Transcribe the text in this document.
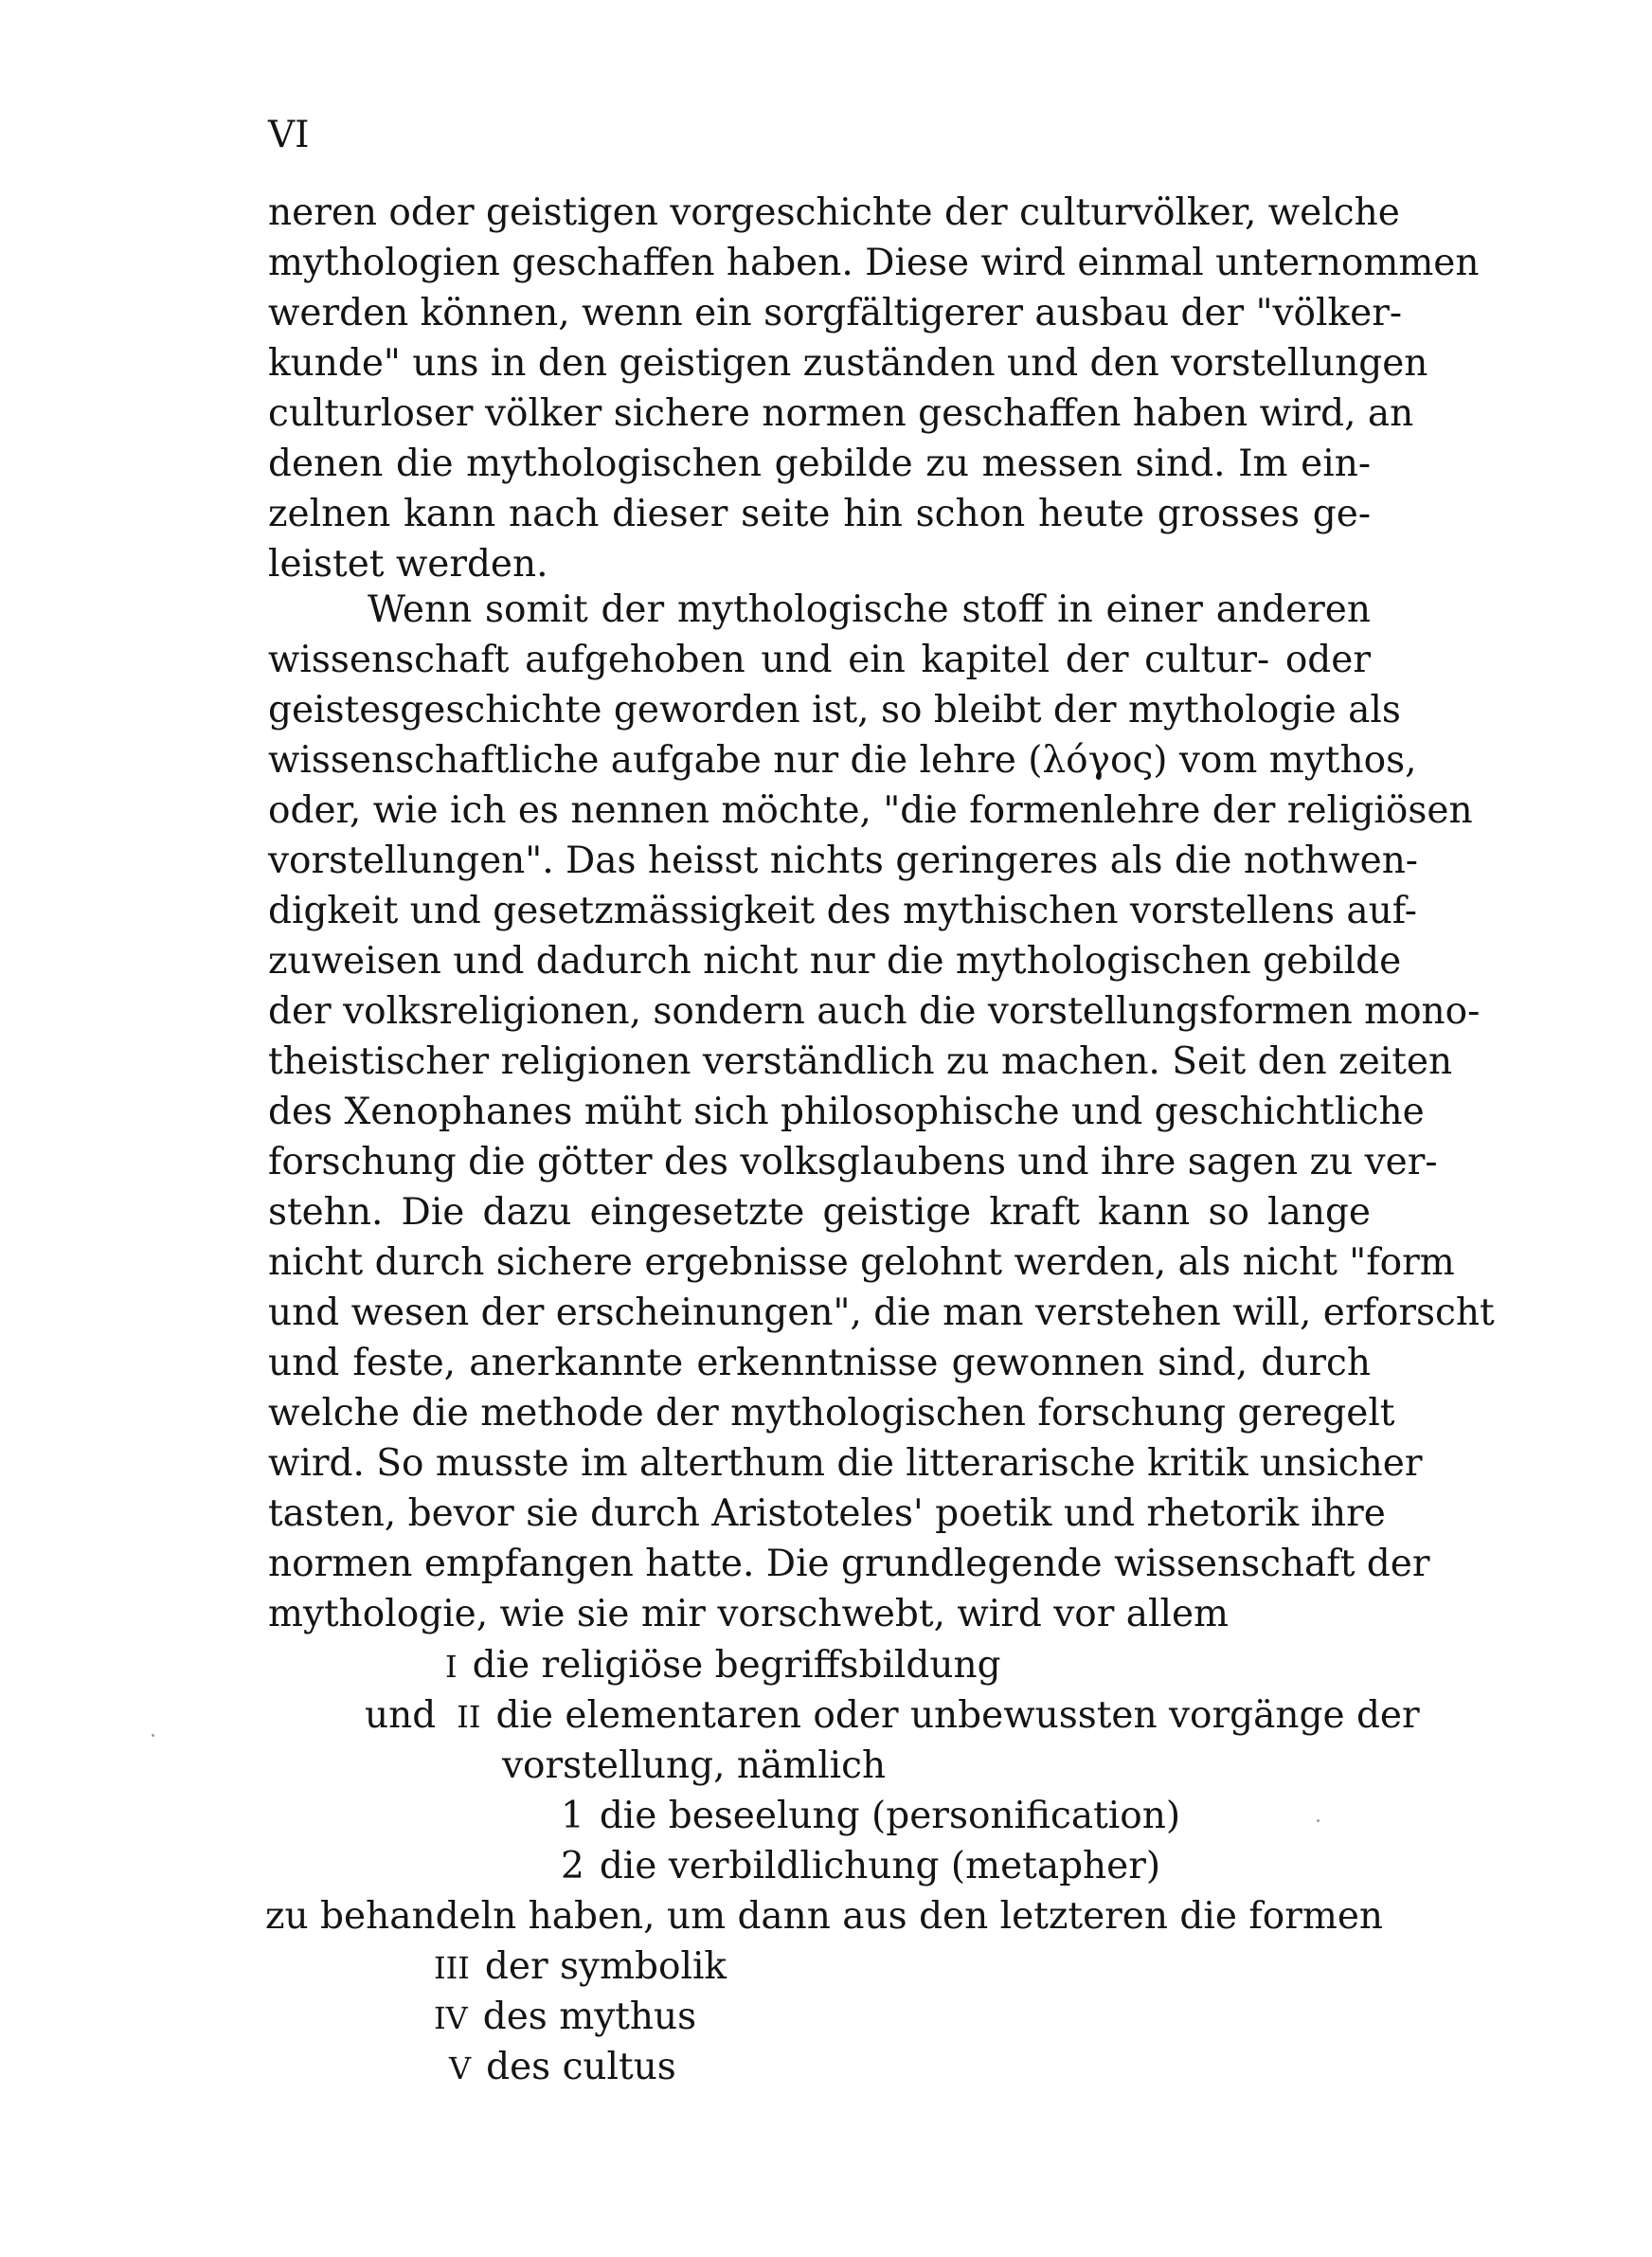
VI
neren oder geistigen vorgeschichte der culturvölker, welche
mythologien geschaffen haben. Diese wird einmal unternommen
werden können, wenn ein sorgfältigerer ausbau der "völker-
kunde" uns in den geistigen zuständen und den vorstellungen
culturloser völker sichere normen geschaffen haben wird, an
denen die mythologischen gebilde zu messen sind. Im ein-
zelnen kann nach dieser seite hin schon heute grosses ge-
leistet werden.
Wenn somit der mythologische stoff in einer anderen
wissenschaft aufgehoben und ein kapitel der cultur- oder
geistesgeschichte geworden ist, so bleibt der mythologie als
wissenschaftliche aufgabe nur die lehre (λόγος) vom mythos,
oder, wie ich es nennen möchte, "die formenlehre der religiösen
vorstellungen". Das heisst nichts geringeres als die nothwen-
digkeit und gesetzmässigkeit des mythischen vorstellens auf-
zuweisen und dadurch nicht nur die mythologischen gebilde
der volksreligionen, sondern auch die vorstellungsformen mono-
theistischer religionen verständlich zu machen. Seit den zeiten
des Xenophanes müht sich philosophische und geschichtliche
forschung die götter des volksglaubens und ihre sagen zu ver-
stehn. Die dazu eingesetzte geistige kraft kann so lange
nicht durch sichere ergebnisse gelohnt werden, als nicht "form
und wesen der erscheinungen", die man verstehen will, erforscht
und feste, anerkannte erkenntnisse gewonnen sind, durch
welche die methode der mythologischen forschung geregelt
wird. So musste im alterthum die litterarische kritik unsicher
tasten, bevor sie durch Aristoteles' poetik und rhetorik ihre
normen empfangen hatte. Die grundlegende wissenschaft der
mythologie, wie sie mir vorschwebt, wird vor allem
I die religiöse begriffsbildung
und II die elementaren oder unbewussten vorgänge der
vorstellung, nämlich
1 die beseelung (personification)
2 die verbildlichung (metapher)
zu behandeln haben, um dann aus den letzteren die formen
III der symbolik
IV des mythus
V des cultus
